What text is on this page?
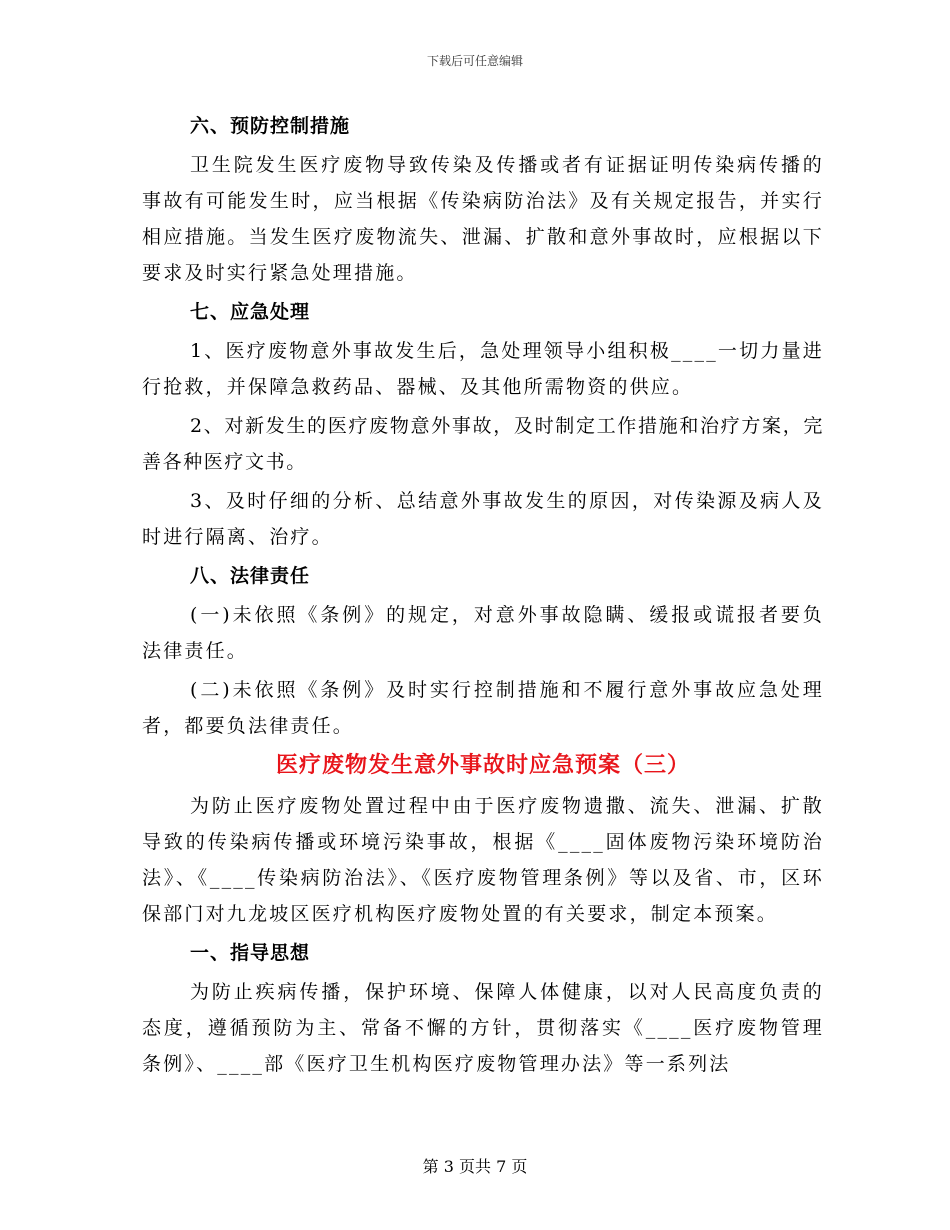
下载后可任意编辑
六、预防控制措施
卫生院发生医疗废物导致传染及传播或者有证据证明传染病传播的事故有可能发生时，应当根据《传染病防治法》及有关规定报告，并实行相应措施。当发生医疗废物流失、泄漏、扩散和意外事故时，应根据以下要求及时实行紧急处理措施。
七、应急处理
1、医疗废物意外事故发生后，急处理领导小组积极____一切力量进行抢救，并保障急救药品、器械、及其他所需物资的供应。
2、对新发生的医疗废物意外事故，及时制定工作措施和治疗方案，完善各种医疗文书。
3、及时仔细的分析、总结意外事故发生的原因，对传染源及病人及时进行隔离、治疗。
八、法律责任
(一)未依照《条例》的规定，对意外事故隐瞒、缓报或谎报者要负法律责任。
(二)未依照《条例》及时实行控制措施和不履行意外事故应急处理者，都要负法律责任。
医疗废物发生意外事故时应急预案（三）
为防止医疗废物处置过程中由于医疗废物遗撒、流失、泄漏、扩散导致的传染病传播或环境污染事故，根据《____固体废物污染环境防治法》、《____传染病防治法》、《医疗废物管理条例》等以及省、市，区环保部门对九龙坡区医疗机构医疗废物处置的有关要求，制定本预案。
一、指导思想
为防止疾病传播，保护环境、保障人体健康，以对人民高度负责的态度，遵循预防为主、常备不懈的方针，贯彻落实《____医疗废物管理条例》、____部《医疗卫生机构医疗废物管理办法》等一系列法
第 3 页共 7 页
